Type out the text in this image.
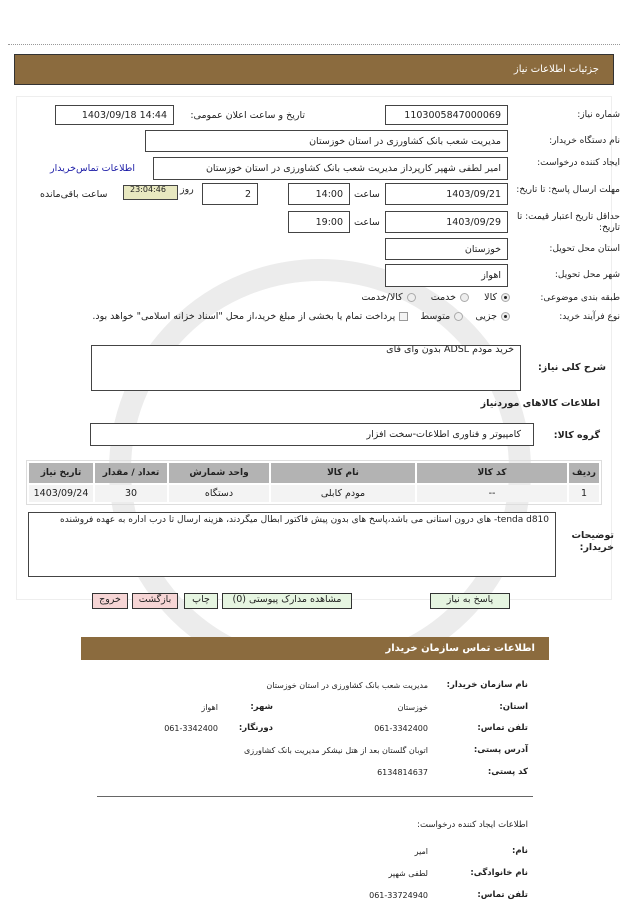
جزئیات اطلاعات نیاز
شماره نیاز:
1103005847000069
تاریخ و ساعت اعلان عمومی:
1403/09/18 14:44
نام دستگاه خریدار:
مدیریت شعب بانک کشاورزی در استان خوزستان
ایجاد کننده درخواست:
امیر لطفی شهپر کارپرداز مدیریت شعب بانک کشاورزی در استان خوزستان
اطلاعات تماس‌خریدار
مهلت ارسال پاسخ: تا تاریخ:
1403/09/21
ساعت
14:00
2
روز
23:04:46
ساعت باقی‌مانده
حداقل تاریخ اعتبار قیمت: تا تاریخ:
1403/09/29
ساعت
19:00
استان محل تحویل:
خوزستان
شهر محل تحویل:
اهواز
طبقه بندی موضوعی:
کالا     خدمت     کالا/خدمت
نوع فرآیند خرید:
جزیی    متوسط    پرداخت تمام یا بخشی از مبلغ خرید،از محل "اسناد خزانه اسلامی" خواهد بود.
شرح کلی نیاز:
خرید مودم ADSL بدون وای فای
اطلاعات کالاهای موردنیاز
گروه کالا:
کامپیوتر و فناوری اطلاعات-سخت افزار
ردیف	کد کالا	نام کالا	واحد شمارش	تعداد / مقدار	تاریخ نیاز
1	--	مودم کابلی	دستگاه	30	1403/09/24
توضیحات خریدار:
tenda d810- های درون استانی می باشد،پاسخ های بدون پیش فاکتور ابطال میگردند، هزینه ارسال تا درب اداره به عهده فروشنده
پاسخ به نیاز
مشاهده مدارک پیوستی (0)
چاپ
بازگشت
خروج
اطلاعات تماس سازمان خریدار
نام سازمان خریدار:
مدیریت شعب بانک کشاورزی در استان خوزستان
استان:
خوزستان
شهر:
اهواز
تلفن تماس:
061-3342400
دورنگار:
061-3342400
آدرس پستی:
اتوبان گلستان بعد از هتل نیشکر مدیریت بانک کشاورزی
کد پستی:
6134814637
اطلاعات ایجاد کننده درخواست:
نام:
امیر
نام خانوادگی:
لطفی شهپر
تلفن تماس:
061-33724940
